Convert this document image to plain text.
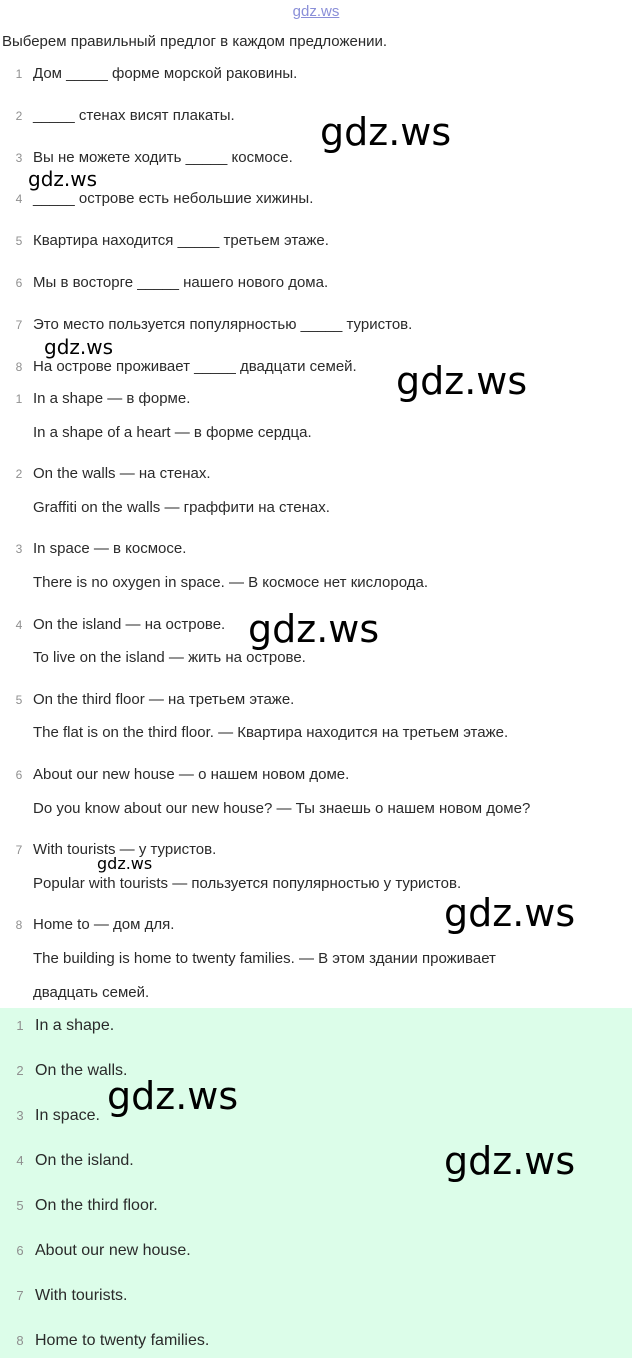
gdz.ws
Выберем правильный предлог в каждом предложении.
1 Дом _____ форме морской раковины.
2 _____ стенах висят плакаты.
3 Вы не можете ходить _____ космосе.
4 _____ острове есть небольшие хижины.
5 Квартира находится _____ третьем этаже.
6 Мы в восторге _____ нашего нового дома.
7 Это место пользуется популярностью _____ туристов.
8 На острове проживает _____ двадцати семей.
1 In a shape — в форме.
In a shape of a heart — в форме сердца.
2 On the walls — на стенах.
Graffiti on the walls — граффити на стенах.
3 In space — в космосе.
There is no oxygen in space. — В космосе нет кислорода.
4 On the island — на острове.
To live on the island — жить на острове.
5 On the third floor — на третьем этаже.
The flat is on the third floor. — Квартира находится на третьем этаже.
6 About our new house — о нашем новом доме.
Do you know about our new house? — Ты знаешь о нашем новом доме?
7 With tourists — у туристов.
Popular with tourists — пользуется популярностью у туристов.
8 Home to — дом для.
The building is home to twenty families. — В этом здании проживает
двадцать семей.
1 In a shape.
2 On the walls.
3 In space.
4 On the island.
5 On the third floor.
6 About our new house.
7 With tourists.
8 Home to twenty families.
gdz.ws
gdz.ws
gdz.ws
gdz.ws
gdz.ws
gdz.ws
gdz.ws
gdz.ws
gdz.ws
